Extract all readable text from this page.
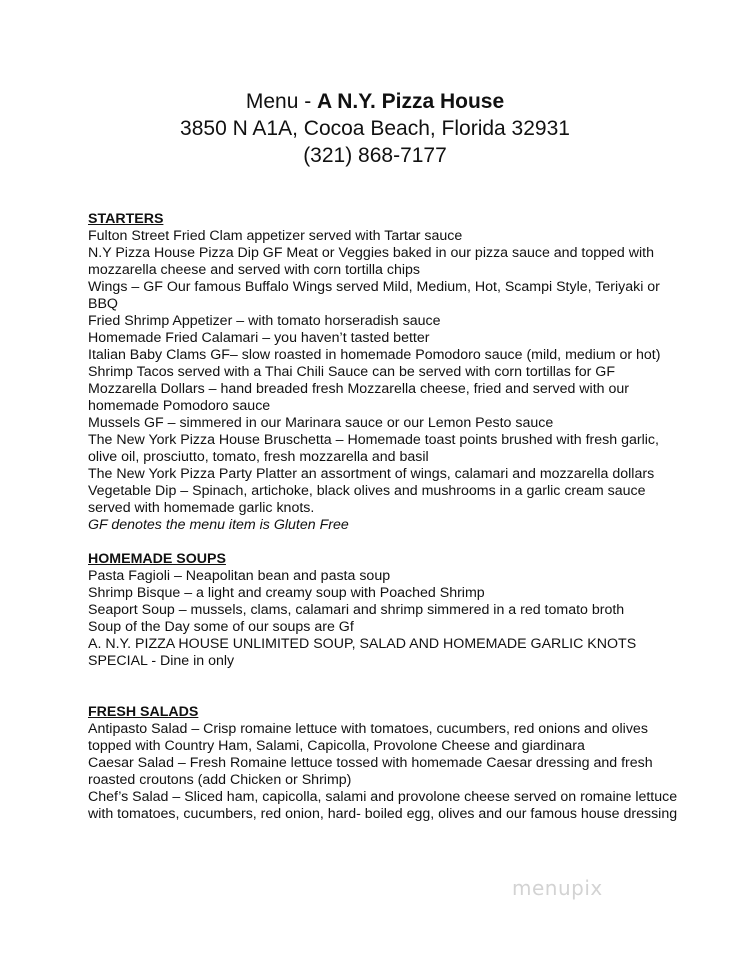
Menu - A N.Y. Pizza House
3850 N A1A, Cocoa Beach, Florida 32931
(321) 868-7177
STARTERS

Fulton Street Fried Clam appetizer served with Tartar sauce

N.Y Pizza House Pizza Dip GF Meat or Veggies baked in our pizza sauce and topped with mozzarella cheese and served with corn tortilla chips

Wings – GF Our famous Buffalo Wings served Mild, Medium, Hot, Scampi Style, Teriyaki or BBQ

Fried Shrimp Appetizer – with tomato horseradish sauce

Homemade Fried Calamari – you haven’t tasted better

Italian Baby Clams GF– slow roasted in homemade Pomodoro sauce (mild, medium or hot)

Shrimp Tacos served with a Thai Chili Sauce can be served with corn tortillas for GF

Mozzarella Dollars – hand breaded fresh Mozzarella cheese, fried and served with our homemade Pomodoro sauce

Mussels GF – simmered in our Marinara sauce or our Lemon Pesto sauce

The New York Pizza House Bruschetta – Homemade toast points brushed with fresh garlic, olive oil, prosciutto, tomato, fresh mozzarella and basil

The New York Pizza Party Platter an assortment of wings, calamari and mozzarella dollars

Vegetable Dip – Spinach, artichoke, black olives and mushrooms in a garlic cream sauce served with homemade garlic knots.

GF denotes the menu item is Gluten Free

HOMEMADE SOUPS

Pasta Fagioli – Neapolitan bean and pasta soup

Shrimp Bisque – a light and creamy soup with Poached Shrimp

Seaport Soup – mussels, clams, calamari and shrimp simmered in a red tomato broth

Soup of the Day some of our soups are Gf

A. N.Y. PIZZA HOUSE UNLIMITED SOUP, SALAD AND HOMEMADE GARLIC KNOTS SPECIAL - Dine in only

FRESH SALADS

Antipasto Salad – Crisp romaine lettuce with tomatoes, cucumbers, red onions and olives topped with Country Ham, Salami, Capicolla, Provolone Cheese and giardinara

Caesar Salad – Fresh Romaine lettuce tossed with homemade Caesar dressing and fresh roasted croutons (add Chicken or Shrimp)

Chef’s Salad – Sliced ham, capicolla, salami and provolone cheese served on romaine lettuce with tomatoes, cucumbers, red onion, hard- boiled egg, olives and our famous house dressing

menupix
